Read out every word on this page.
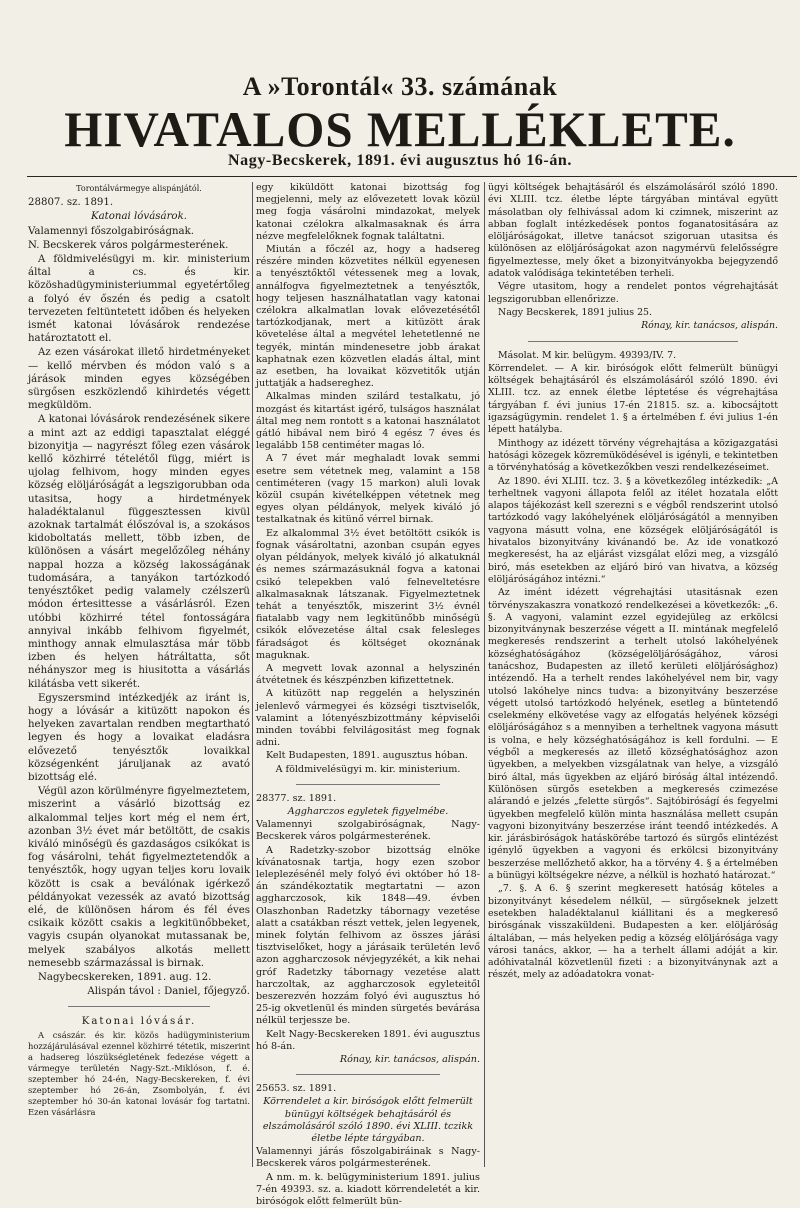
A »Torontál« 33. számának
HIVATALOS MELLÉKLETE.
Nagy-Becskerek, 1891. évi augusztus hó 16-án.

Torontálvármegye alispánjától.

28807. sz. 1891.

Katonai lóvásárok.

Valamennyi főszolgabiróságnak.

N. Becskerek város polgármesterének.

A földmivelésügyi m. kir. ministerium által a cs. és kir. közöshadügyministeriummal egyetértőleg a folyó év őszén és pedig a csatolt tervezeten feltüntetett időben és helyeken ismét katonai lóvásárok rendezése határoztatott el.

Az ezen vásárokat illető hirdetményeket — kellő mérvben és módon való s a járások minden egyes községében sürgősen eszközlendő kihirdetés végett megküldöm.

A katonai lóvásárok rendezésének sikere a mint azt az eddigi tapasztalat eléggé bizonyitja — nagyrészt főleg ezen vásárok kellő közhirré tételétől függ, miért is ujolag felhivom, hogy minden egyes község elöljáróságát a legszigorubban oda utasitsa, hogy a hirdetmények haladéktalanul függesztessen kivül azoknak tartalmát élőszóval is, a szokásos kidoboltatás mellett, több izben, de különösen a vásárt megelőzőleg néhány nappal hozza a község lakosságának tudomására, a tanyákon tartózkodó tenyésztőket pedig valamely czélszerü módon értesittesse a vásárlásról. Ezen utóbbi közhirré tétel fontosságára annyival inkább felhivom figyelmét, minthogy annak elmulasztása már több izben és helyen hátráltatta, sőt néhányszor meg is hiusitotta a vásárlás kilátásba vett sikerét.

Egyszersmind intézkedjék az iránt is, hogy a lóvásár a kitüzött napokon és helyeken zavartalan rendben megtartható legyen és hogy a lovaikat eladásra elővezető tenyésztők lovaikkal községenként járuljanak az avató bizottság elé.

Végül azon körülményre figyelmeztetem, miszerint a vásárló bizottság ez alkalommal teljes kort még el nem ért, azonban 3½ évet már betöltött, de csakis kiváló minőségü és gazdaságos csikókat is fog vásárolni, tehát figyelmeztetendők a tenyésztők, hogy ugyan teljes koru lovaik között is csak a beválónak igérkező példányokat vezessék az avató bizottság elé, de különösen három és fél éves csikaik között csakis a legkitünőbbeket, vagyis csupán olyanokat mutassanak be, melyek szabályos alkotás mellett nemesebb származással is birnak.

Nagybecskereken, 1891. aug. 12.

Alispán távol : Daniel, főjegyző.

Katonai lóvásár.

A császár. és kir. közös hadügyministerium hozzájárulásával ezennel közhirré tétetik, miszerint a hadsereg lószükségletének fedezése végett a vármegye területén Nagy-Szt.-Miklóson, f. é. szeptember hó 24-én, Nagy-Becskereken, f. évi szeptember hó 26-án, Zsombolyán, f. évi szeptember hó 30-án katonai lovásár fog tartatni. Ezen vásárlásra

egy kiküldött katonai bizottság fog megjelenni, mely az elővezetett lovak közül meg fogja vásárolni mindazokat, melyek katonai czélokra alkalmasaknak és árra nézve megfelelőknek fognak találtatni.

Miután a főczél az, hogy a hadsereg részére minden közvetites nélkül egyenesen a tenyésztőktől vétessenek meg a lovak, annálfogva figyelmeztetnek a tenyésztők, hogy teljesen használhatatlan vagy katonai czélokra alkalmatlan lovak elővezetésétől tartózkodjanak, mert a kitüzött árak követelése által a megvétel lehetetlenné ne tegyék, mintán mindenesetre jobb árakat kaphatnak ezen közvetlen eladás által, mint az esetben, ha lovaikat közvetitők utján juttatják a hadsereghez.

Alkalmas minden szilárd testalkatu, jó mozgást és kitartást igérő, tulságos használat által meg nem rontott s a katonai használatot gátló hibával nem biró 4 egész 7 éves és legalább 158 centiméter magas ló.

A 7 évet már meghaladt lovak semmi esetre sem vétetnek meg, valamint a 158 centiméteren (vagy 15 markon) aluli lovak közül csupán kivételképpen vétetnek meg egyes olyan példányok, melyek kiváló jó testalkatnak és kitünő vérrel birnak.

Ez alkalommal 3½ évet betöltött csikók is fognak vásároltatni, azonban csupán egyes olyan példányok, melyek kiváló jó alkatuknál és nemes származásuknál fogva a katonai csikó telepekben való felneveltetésre alkalmasaknak látszanak. Figyelmeztetnek tehát a tenyésztők, miszerint 3½ évnél fiatalabb vagy nem legkitünőbb minőségü csikók elővezetése által csak felesleges fáradságot és költséget okoznának maguknak.

A megvett lovak azonnal a helyszinén átvétetnek és készpénzben kifizettetnek.

A kitüzött nap reggelén a helyszinén jelenlevő vármegyei és községi tisztviselők, valamint a lótenyészbizottmány képviselői minden további felvilágositást meg fognak adni.

Kelt Budapesten, 1891. augusztus hóban.

A földmivelésügyi m. kir. ministerium.

28377. sz. 1891.

Aggharczos egyletek figyelmébe.

Valamennyi szolgabiróságnak, Nagy-Becskerek város polgármesterének.

A Radetzky-szobor bizottság elnöke kívánatosnak tartja, hogy ezen szobor leleplezésénél mely folyó évi október hó 18-án szándékoztatik megtartatni — azon aggharczosok, kik 1848—49. évben Olaszhonban Radetzky tábornagy vezetése alatt a csatákban részt vettek, jelen legyenek, minek folytán felhivom az összes járási tisztviselőket, hogy a járásaik területén levő azon aggharczosok névjegyzékét, a kik nehai gróf Radetzky tábornagy vezetése alatt harczoltak, az aggharczosok egyleteitől beszerezvén hozzám folyó évi augusztus hó 25-ig okvetlenül és minden sürgetés bevárása nélkül terjessze be.

Kelt Nagy-Becskereken 1891. évi augusztus hó 8-án.

Rónay, kir. tanácsos, alispán.

25653. sz. 1891.

Körrendelet a kir. birósógok előtt felmerült bünügyi költségek behajtásáról és elszámolásáról szóló 1890. évi XLIII. tczikk életbe lépte tárgyában.

Valamennyi járás főszolgabiráinak s Nagy-Becskerek város polgármesterének.

A nm. m. k. belügyministerium 1891. julius 7-én 49393. sz. a. kiadott körrendeletét a kir. birósógok előtt felmerült bün-

ügyi költségek behajtásáról és elszámolásáról szóló 1890. évi XLIII. tcz. életbe lépte tárgyában mintával együtt másolatban oly felhivással adom ki czimnek, miszerint az abban foglalt intézkedések pontos foganatositására az elöljáróságokat, illetve tanácsot szigoruan utasitsa és különösen az elöljáróságokat azon nagymérvü felelősségre figyelmeztesse, mely őket a bizonyitványokba bejegyzendő adatok valódisága tekintetében terheli.

Végre utasitom, hogy a rendelet pontos végrehajtását legszigorubban ellenőrizze.

Nagy Becskerek, 1891 julius 25.

Rónay, kir. tanácsos, alispán.

Másolat. M kir. belügym. 49393/IV. 7.

Körrendelet. — A kir. birósógok előtt felmerült bünügyi költségek behajtásáról és elszámolásáról szóló 1890. évi XLIII. tcz. az ennek életbe léptetése és végrehajtása tárgyában f. évi junius 17-én 21815. sz. a. kibocsájtott igazságügymin. rendelet 1. § a értelmében f. évi julius 1-én lépett hatályba.

Minthogy az idézett törvény végrehajtása a közigazgatási hatósági közegek közremüködésével is igényli, e tekintetben a törvényhatóság a következőkben veszi rendelkezéseimet.

Az 1890. évi XLIII. tcz. 3. § a következőleg intézkedik: „A terheltnek vagyoni állapota felől az itélet hozatala előtt alapos tájékozást kell szerezni s e végből rendszerint utolsó tartózkodó vagy lakóhelyének elöljáróságától a mennyiben vagyona másutt volna, ene községek elöljáróságától is hivatalos bizonyitvány kivánandó be. Az ide vonatkozó megkeresést, ha az eljárást vizsgálat előzi meg, a vizsgáló biró, más esetekben az eljáró biró van hivatva, a község elöljáróságához intézni.“

Az imént idézett végrehajtási utasitásnak ezen törvényszakaszra vonatkozó rendelkezései a következők: „6. §. A vagyoni, valamint ezzel egyidejüleg az erkölcsi bizonyitványnak beszerzése végett a II. mintának megfelelő megkeresés rendszerint a terhelt utolsó lakóhelyének községhatóságához (községelöljáróságához, városi tanácshoz, Budapesten az illető kerületi elöljárósághoz) intézendő. Ha a terhelt rendes lakóhelyével nem bir, vagy utolsó lakóhelye nincs tudva: a bizonyitvány beszerzése végett utolsó tartózkodó helyének, esetleg a büntetendő cselekmény elkövetése vagy az elfogatás helyének községi elöljáróságához s a mennyiben a terheltnek vagyona másutt is volna, e hely községhatóságához is kell fordulni. — E végből a megkeresés az illető községhatósághoz azon ügyekben, a melyekben vizsgálatnak van helye, a vizsgáló biró által, más ügyekben az eljáró biróság által intézendő. Különösen sürgős esetekben a megkeresés czimezése alárandó e jelzés „felette sürgős“. Sajtóbiróságí és fegyelmi ügyekben megfelelő külön minta használása mellett csupán vagyoni bizonyitvány beszerzése iránt teendő intézkedés. A kir. járásbiróságok hatáskörébe tartozó és sürgős elintézést igénylő ügyekben a vagyoni és erkölcsi bizonyitvány beszerzése mellőzhető akkor, ha a törvény 4. § a értelmében a bünügyi költségekre nézve, a nélkül is hozható határozat.“

„7. §. A 6. § szerint megkeresett hatóság köteles a bizonyitványt késedelem nélkül, — sürgőseknek jelzett esetekben haladéktalanul kiállitani és a megkereső birósgának visszaküldeni. Budapesten a ker. elöljáróság általában, — más helyeken pedig a község elöljárósága vagy városi tanács, akkor, — ha a terhelt állami adóját a kir. adóhivatalnál közvetlenül fizeti : a bizonyitványnak azt a részét, mely az adóadatokra vonat-
